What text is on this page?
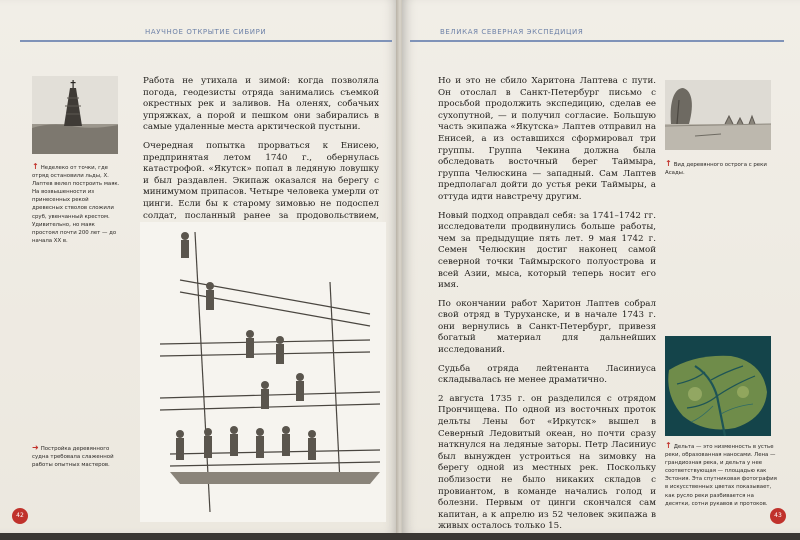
НАУЧНОЕ ОТКРЫТИЕ СИБИРИ
↑ Неделеко от точки, где отряд остановили льды, Х. Лаптев велел построить маяк. На возвышенности из принесенных рекой древесных стволов сложили сруб, увенчанный крестом. Удивительно, но маяк простоял почти 200 лет — до начала XX в.

Работа не утихала и зимой: когда позволяла погода, геодезисты отряда занимались съемкой окрестных рек и заливов. На оленях, собачьих упряжках, а порой и пешком они забирались в самые удаленные места арктической пустыни.

Очередная попытка прорваться к Енисею, предпринятая летом 1740 г., обернулась катастрофой. «Якутск» попал в ледяную ловушку и был раздавлен. Экипаж оказался на берегу с минимумом припасов. Четыре человека умерли от цинги. Если бы к старому зимовью не подоспел солдат, посланный ранее за продовольствием,

➜ Постройка деревянного судна требовала слаженной работы опытных мастеров.
42
ВЕЛИКАЯ СЕВЕРНАЯ ЭКСПЕДИЦИЯ

Но и это не сбило Харитона Лаптева с пути. Он отослал в Санкт-Петербург письмо с просьбой продолжить экспедицию, сделав ее сухопутной, — и получил согласие. Большую часть экипажа «Якутска» Лаптев отправил на Енисей, а из оставшихся сформировал три группы. Группа Чекина должна была обследовать восточный берег Таймыра, группа Челюскина — западный. Сам Лаптев предполагал дойти до устья реки Таймыры, а оттуда идти навстречу другим.

Новый подход оправдал себя: за 1741–1742 гг. исследователи продвинулись больше работы, чем за предыдущие пять лет. 9 мая 1742 г. Семен Челюскин достиг наконец самой северной точки Таймырского полуострова и всей Азии, мыса, который теперь носит его имя.

По окончании работ Харитон Лаптев собрал свой отряд в Туруханске, и в начале 1743 г. они вернулись в Санкт-Петербург, привезя богатый материал для дальнейших исследований.

Судьба отряда лейтенанта Ласиниуса складывалась не менее драматично.

2 августа 1735 г. он разделился с отрядом Прончищева. По одной из восточных проток дельты Лены бот «Иркутск» вышел в Северный Ледовитый океан, но почти сразу наткнулся на ледяные заторы. Петр Ласиниус был вынужден устроиться на зимовку на берегу одной из местных рек. Поскольку поблизости не было никаких складов с провиантом, в команде начались голод и болезни. Первым от цинги скончался сам капитан, а к апрелю из 52 человек экипажа в живых осталось только 15.

↑ Вид деревянного острога с реки Асады.
↑ Дельта — это низменность в устье реки, образованная наносами. Лена — грандиозная река, и дельта у нее соответствующая — площадью как Эстония. Эта спутниковая фотография в искусственных цветах показывает, как русло реки разбивается на десятки, сотни рукавов и протоков.
43
